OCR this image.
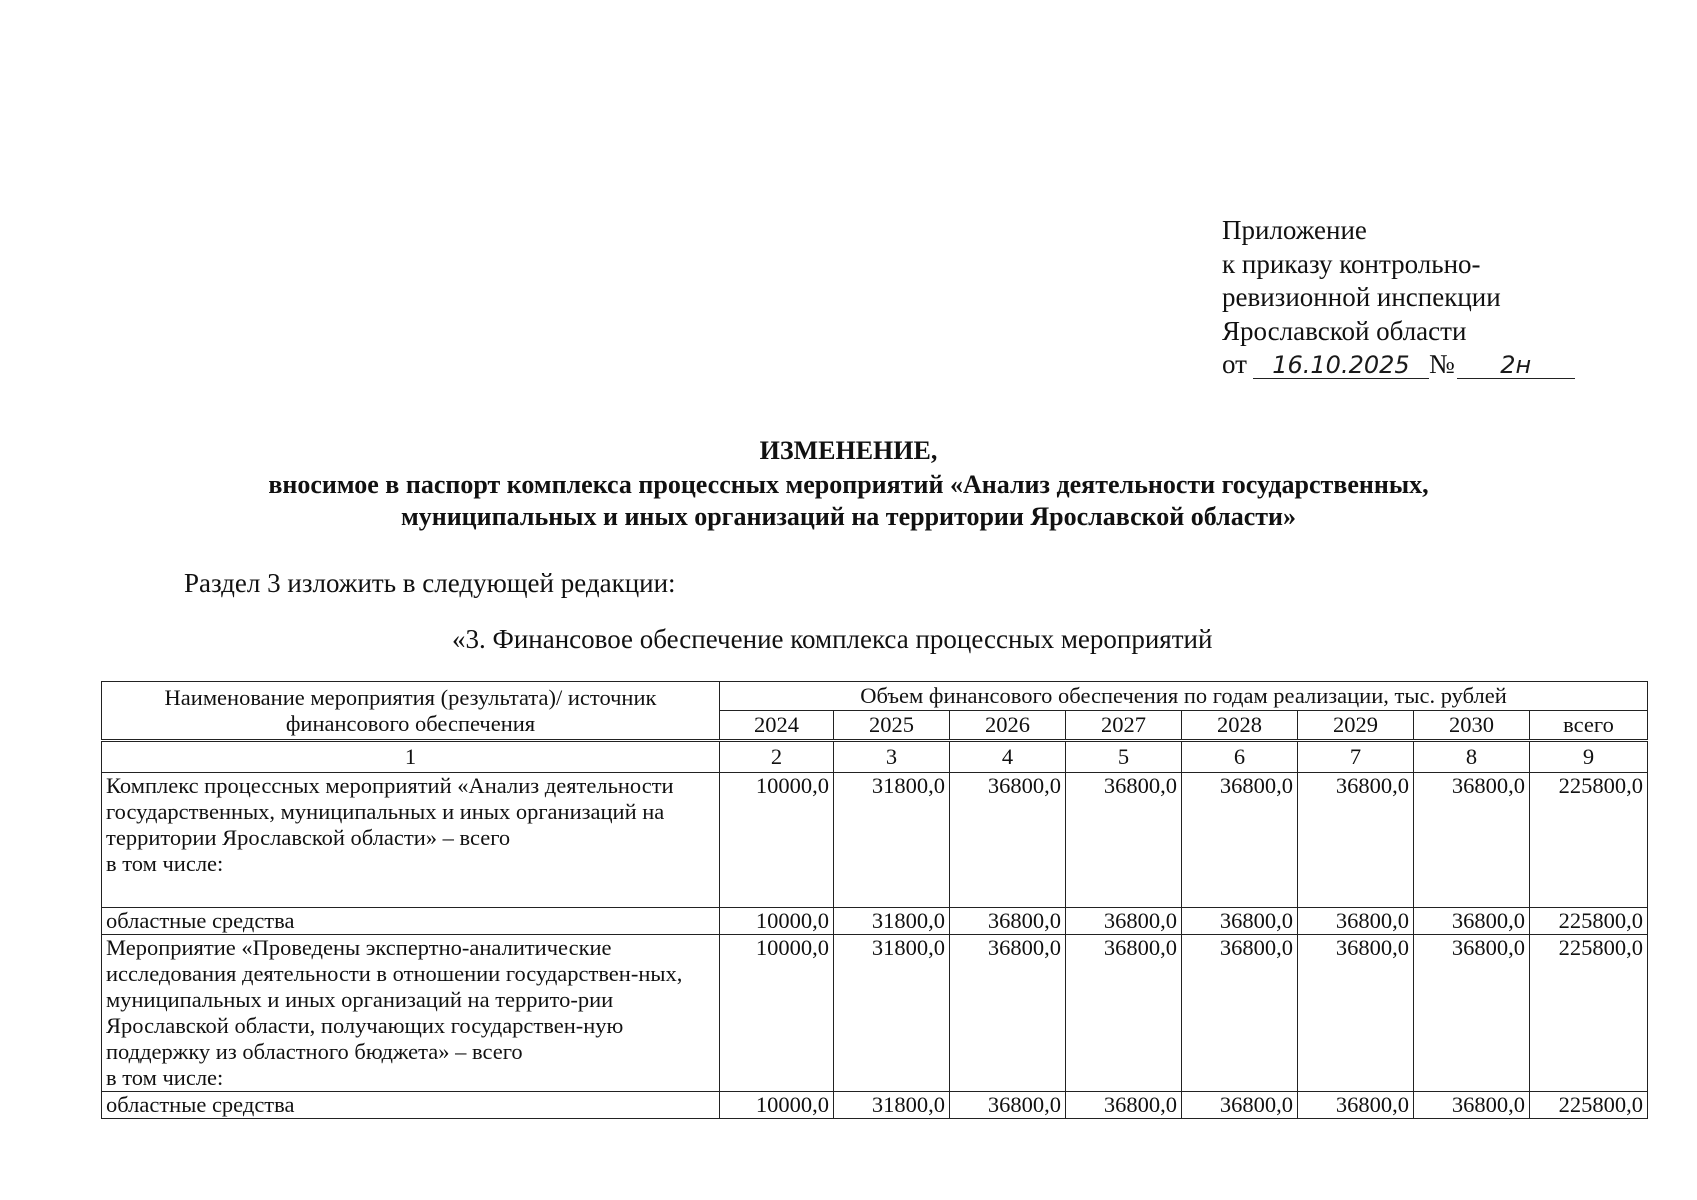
Приложение
к приказу контрольно-
ревизионной инспекции
Ярославской области
от 16.10.2025 № 2н
ИЗМЕНЕНИЕ,
вносимое в паспорт комплекса процессных мероприятий «Анализ деятельности государственных,
муниципальных и иных организаций на территории Ярославской области»
Раздел 3 изложить в следующей редакции:
«3. Финансовое обеспечение комплекса процессных мероприятий
Наименование мероприятия (результата)/ источник финансового обеспечения	Объем финансового обеспечения по годам реализации, тыс. рублей							
	2024	2025	2026	2027	2028	2029	2030	всего

1	2	3	4	5	6	7	8	9

Комплекс процессных мероприятий «Анализ деятельности государственных, муниципальных и иных организаций на территории Ярославской области» – всего
в том числе:	10000,0	31800,0	36800,0	36800,0	36800,0	36800,0	36800,0	225800,0

областные средства	10000,0	31800,0	36800,0	36800,0	36800,0	36800,0	36800,0	225800,0

Мероприятие «Проведены экспертно-аналитические исследования деятельности в отношении государствен-ных, муниципальных и иных организаций на террито-рии Ярославской области, получающих государствен-ную поддержку из областного бюджета» – всего
в том числе:	10000,0	31800,0	36800,0	36800,0	36800,0	36800,0	36800,0	225800,0

областные средства	10000,0	31800,0	36800,0	36800,0	36800,0	36800,0	36800,0	225800,0
